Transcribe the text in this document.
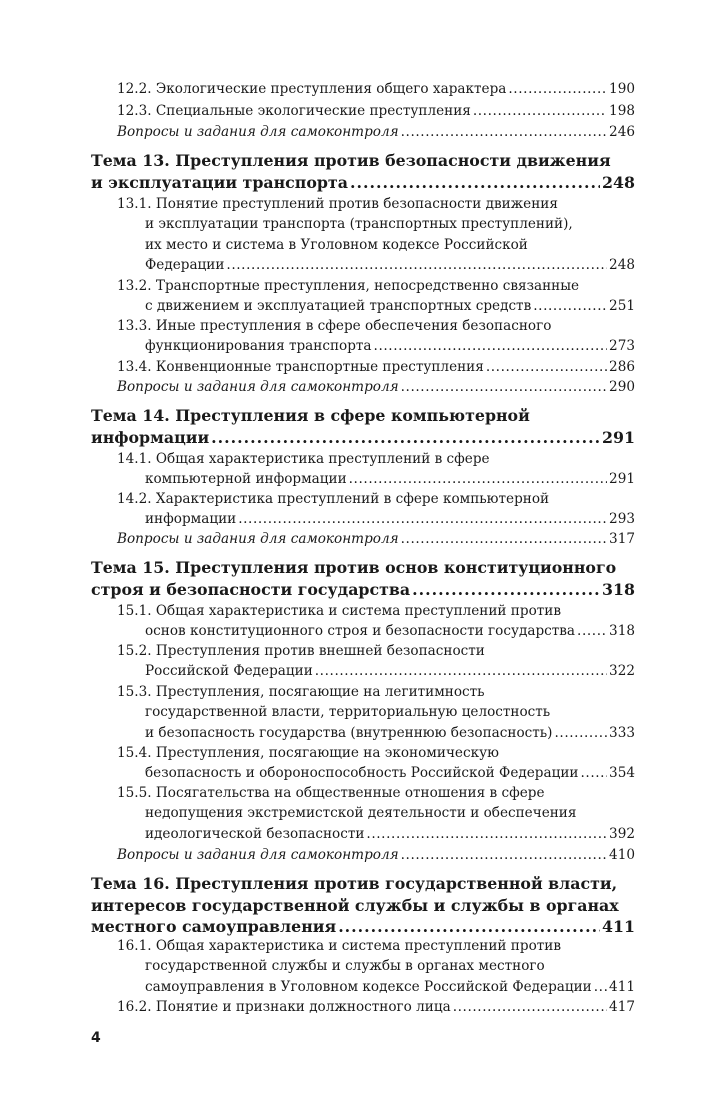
12.2. Экологические преступления общего характера .....	190
12.3. Специальные экологические преступления .....	198
Вопросы и задания для самоконтроля .....	246
Тема 13. Преступления против безопасности движения
и эксплуатации транспорта .....	248
13.1. Понятие преступлений против безопасности движения
и эксплуатации транспорта (транспортных преступлений),
их место и система в Уголовном кодексе Российской
Федерации .....	248
13.2. Транспортные преступления, непосредственно связанные
с движением и эксплуатацией транспортных средств .....	251
13.3. Иные преступления в сфере обеспечения безопасного
функционирования транспорта .....	273
13.4. Конвенционные транспортные преступления .....	286
Вопросы и задания для самоконтроля .....	290
Тема 14. Преступления в сфере компьютерной
информации .....	291
14.1. Общая характеристика преступлений в сфере
компьютерной информации .....	291
14.2. Характеристика преступлений в сфере компьютерной
информации .....	293
Вопросы и задания для самоконтроля .....	317
Тема 15. Преступления против основ конституционного
строя и безопасности государства .....	318
15.1. Общая характеристика и система преступлений против
основ конституционного строя и безопасности государства .....	318
15.2. Преступления против внешней безопасности
Российской Федерации .....	322
15.3. Преступления, посягающие на легитимность
государственной власти, территориальную целостность
и безопасность государства (внутреннюю безопасность) .....	333
15.4. Преступления, посягающие на экономическую
безопасность и обороноспособность Российской Федерации ..... 354
15.5. Посягательства на общественные отношения в сфере
недопущения экстремистской деятельности и обеспечения
идеологической безопасности .....	392
Вопросы и задания для самоконтроля .....	410
Тема 16. Преступления против государственной власти,
интересов государственной службы и службы в органах
местного самоуправления .....	411
16.1. Общая характеристика и система преступлений против
государственной службы и службы в органах местного
самоуправления в Уголовном кодексе Российской Федерации ..... 411
16.2. Понятие и признаки должностного лица .....	417
4
